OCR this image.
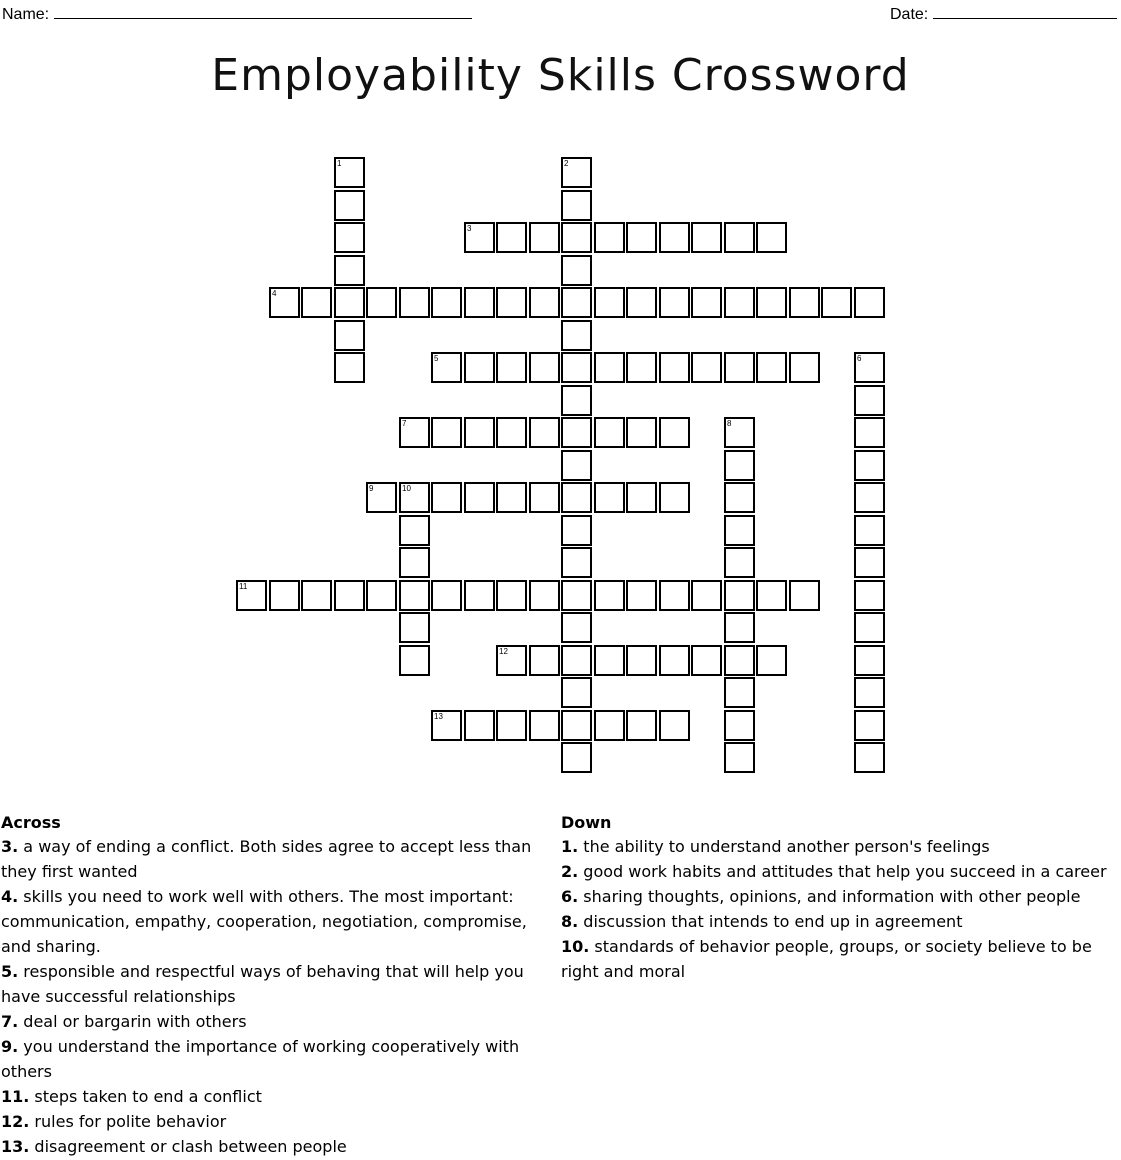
Name:	Date:
Employability Skills Crossword
1	2
3
4
5	6
7	8
9	10
11
12
13
Across
3. a way of ending a conflict. Both sides agree to accept less than they first wanted
4. skills you need to work well with others. The most important: communication, empathy, cooperation, negotiation, compromise, and sharing.
5. responsible and respectful ways of behaving that will help you have successful relationships
7. deal or bargarin with others
9. you understand the importance of working cooperatively with others
11. steps taken to end a conflict
12. rules for polite behavior
13. disagreement or clash between people
Down
1. the ability to understand another person's feelings
2. good work habits and attitudes that help you succeed in a career
6. sharing thoughts, opinions, and information with other people
8. discussion that intends to end up in agreement
10. standards of behavior people, groups, or society believe to be right and moral
